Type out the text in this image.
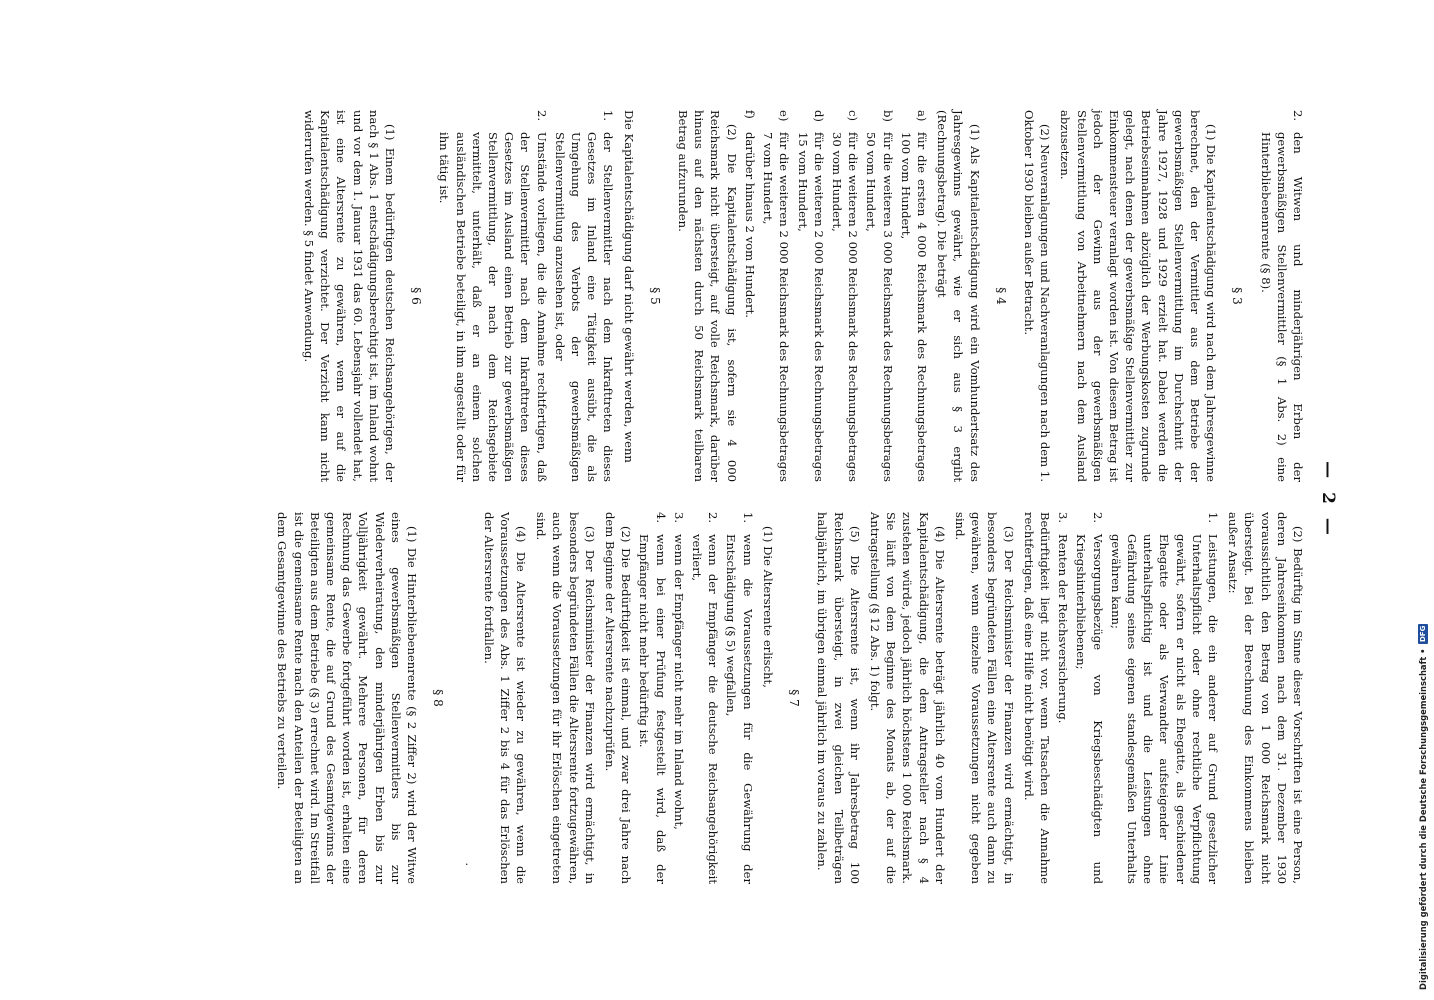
— 2 —
2.
den Witwen und minderjährigen Erben der gewerbsmäßigen Stellenvermittler (§ 1 Abs. 2) eine Hinterbliebenenrente (§ 8).
§ 3

(1) Die Kapitalentschädigung wird nach dem Jahresgewinne berechnet, den der Vermittler aus dem Betriebe der gewerbsmäßigen Stellenvermittlung im Durchschnitt der Jahre 1927, 1928 und 1929 erzielt hat. Dabei werden die Betriebseinnahmen abzüglich der Werbungskosten zugrunde gelegt, nach denen der gewerbsmäßige Stellenvermittler zur Einkommensteuer veranlagt worden ist. Von diesem Betrag ist jedoch der Gewinn aus der gewerbsmäßigen Stellenvermittlung von Arbeitnehmern nach dem Ausland abzusetzen.

(2) Neuveranlagungen und Nachveranlagungen nach dem 1. Oktober 1930 bleiben außer Betracht.

§ 4

(1) Als Kapitalentschädigung wird ein Vomhundertsatz des Jahresgewinns gewährt, wie er sich aus § 3 ergibt (Rechnungsbetrag). Die beträgt

a)
für die ersten 4 000 Reichsmark des Rechnungsbetrages 100 vom Hundert,
b)
für die weiteren 3 000 Reichsmark des Rechnungsbetrages 50 vom Hundert,
c)
für die weiteren 2 000 Reichsmark des Rechnungsbetrages 30 vom Hundert,
d)
für die weiteren 2 000 Reichsmark des Rechnungsbetrages 15 vom Hundert,
e)
für die weiteren 2 000 Reichsmark des Rechnungsbetrages 7 vom Hundert,
f)
darüber hinaus 2 vom Hundert.

(2) Die Kapitalentschädigung ist, sofern sie 4 000 Reichsmark nicht übersteigt, auf volle Reichsmark, darüber hinaus auf den nächsten durch 50 Reichsmark teilbaren Betrag aufzurunden.

§ 5

Die Kapitalentschädigung darf nicht gewährt werden, wenn

1.
der Stellenvermittler nach dem Inkrafttreten dieses Gesetzes im Inland eine Tätigkeit ausübt, die als Umgehung des Verbots der gewerbsmäßigen Stellenvermittlung anzusehen ist, oder
2.
Umstände vorliegen, die die Annahme rechtfertigen, daß der Stellenvermittler nach dem Inkrafttreten dieses Gesetzes im Ausland einen Betrieb zur gewerbsmäßigen Stellenvermittlung, der nach dem Reichsgebiete vermittelt, unterhält, daß er an einem solchen ausländischen Betriebe beteiligt, in ihm angestellt oder für ihn tätig ist.
§ 6

(1) Einem bedürftigen deutschen Reichsangehörigen, der nach § 1 Abs. 1 entschädigungsberechtigt ist, im Inland wohnt und vor dem 1. Januar 1931 das 60. Lebensjahr vollendet hat, ist eine Altersrente zu gewähren, wenn er auf die Kapitalentschädigung verzichtet. Der Verzicht kann nicht widerrufen werden. § 5 findet Anwendung.

(2) Bedürftig im Sinne dieser Vorschriften ist eine Person, deren Jahreseinkommen nach dem 31. Dezember 1930 voraussichtlich den Betrag von 1 000 Reichsmark nicht übersteigt. Bei der Berechnung des Einkommens bleiben außer Ansatz:

1.
Leistungen, die ein anderer auf Grund gesetzlicher Unterhaltspflicht oder ohne rechtliche Verpflichtung gewährt, sofern er nicht als Ehegatte, als geschiedener Ehegatte oder als Verwandter aufsteigender Linie unterhaltspflichtig ist und die Leistungen ohne Gefährdung seines eigenen standesgemäßen Unterhalts gewähren kann;
2.
Versorgungsbezüge von Kriegsbeschädigten und Kriegshinterbliebenen;
3.
Renten der Reichsversicherung.

Bedürftigkeit liegt nicht vor, wenn Tatsachen die Annahme rechtfertigen, daß eine Hilfe nicht benötigt wird.

(3) Der Reichsminister der Finanzen wird ermächtigt, in besonders begründeten Fällen eine Altersrente auch dann zu gewähren, wenn einzelne Voraussetzungen nicht gegeben sind.

(4) Die Altersrente beträgt jährlich 40 vom Hundert der Kapitalentschädigung, die dem Antragsteller nach § 4 zustehen würde, jedoch jährlich höchstens 1 000 Reichsmark. Sie läuft von dem Beginne des Monats ab, der auf die Antragstellung (§ 12 Abs. 1) folgt.

(5) Die Altersrente ist, wenn ihr Jahresbetrag 100 Reichsmark übersteigt, in zwei gleichen Teilbeträgen halbjährlich, im übrigen einmal jährlich im voraus zu zahlen.

§ 7

(1) Die Altersrente erlischt,

1.
wenn die Voraussetzungen für die Gewährung der Entschädigung (§ 5) wegfallen,
2.
wenn der Empfänger die deutsche Reichsangehörigkeit verliert,
3.
wenn der Empfänger nicht mehr im Inland wohnt,
4.
wenn bei einer Prüfung festgestellt wird, daß der Empfänger nicht mehr bedürftig ist.

(2) Die Bedürftigkeit ist einmal, und zwar drei Jahre nach dem Beginne der Altersrente nachzuprüfen.

(3) Der Reichsminister der Finanzen wird ermächtigt, in besonders begründeten Fällen die Altersrente fortzugewähren, auch wenn die Voraussetzungen für ihr Erlöschen eingetreten sind.

(4) Die Altersrente ist wieder zu gewähren, wenn die Voraussetzungen des Abs. 1 Ziffer 2 bis 4 für das Erlöschen der Altersrente fortfallen.

·
§ 8

(1) Die Hinterbliebenenrente (§ 2 Ziffer 2) wird der Witwe eines gewerbsmäßigen Stellenvermittlers bis zur Wiederverheiratung, den minderjährigen Erben bis zur Volljährigkeit gewährt. Mehrere Personen, für deren Rechnung das Gewerbe fortgeführt worden ist, erhalten eine gemeinsame Rente, die auf Grund des Gesamtgewinns der Beteiligten aus dem Betriebe (§ 3) errechnet wird. Im Streitfall ist die gemeinsame Rente nach den Anteilen der Beteiligten an dem Gesamtgewinne des Betriebs zu verteilen.	Digitalisierung gefördert durch die Deutsche Forschungsgemeinschaft •
DFG
